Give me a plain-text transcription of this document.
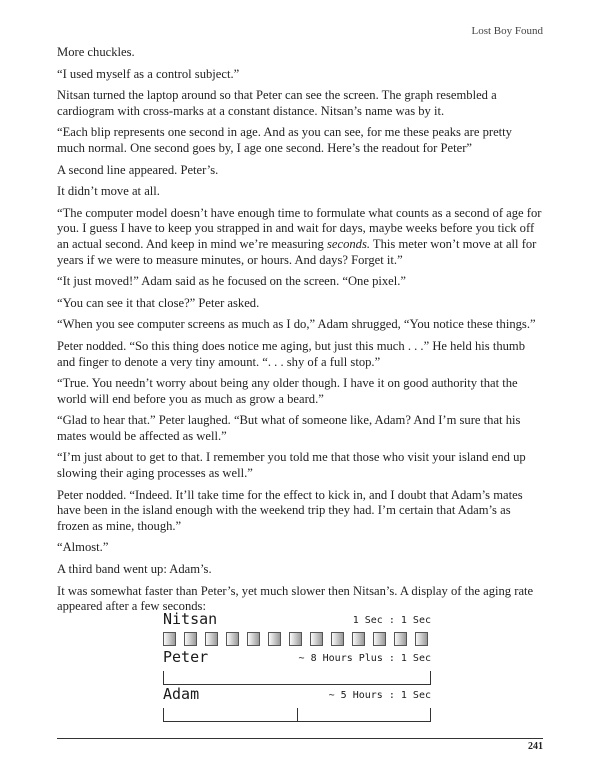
Lost Boy Found

More chuckles.

“I used myself as a control subject.”

Nitsan turned the laptop around so that Peter can see the screen. The graph resembled a cardiogram with cross-marks at a constant distance. Nitsan’s name was by it.

“Each blip represents one second in age. And as you can see, for me these peaks are pretty much normal. One second goes by, I age one second. Here’s the readout for Peter”

A second line appeared. Peter’s.

It didn’t move at all.

“The computer model doesn’t have enough time to formulate what counts as a second of age for you. I guess I have to keep you strapped in and wait for days, maybe weeks before you tick off an actual second. And keep in mind we’re measuring seconds. This meter won’t move at all for years if we were to measure minutes, or hours. And days? Forget it.”

“It just moved!” Adam said as he focused on the screen. “One pixel.”

“You can see it that close?” Peter asked.

“When you see computer screens as much as I do,” Adam shrugged, “You notice these things.”

Peter nodded. “So this thing does notice me aging, but just this much . . .” He held his thumb and finger to denote a very tiny amount. “. . . shy of a full stop.”

“True. You needn’t worry about being any older though. I have it on good authority that the world will end before you as much as grow a beard.”

“Glad to hear that.” Peter laughed. “But what of someone like, Adam? And I’m sure that his mates would be affected as well.”

“I’m just about to get to that. I remember you told me that those who visit your island end up slowing their aging processes as well.”

Peter nodded. “Indeed. It’ll take time for the effect to kick in, and I doubt that Adam’s mates have been in the island enough with the weekend trip they had. I’m certain that Adam’s as frozen as mine, though.”

“Almost.”

A third band went up: Adam’s.

It was somewhat faster than Peter’s, yet much slower then Nitsan’s. A display of the aging rate appeared after a few seconds:

Nitsan	1 Sec : 1 Sec
Peter	~ 8 Hours Plus : 1 Sec
Adam	~ 5 Hours : 1 Sec
241
